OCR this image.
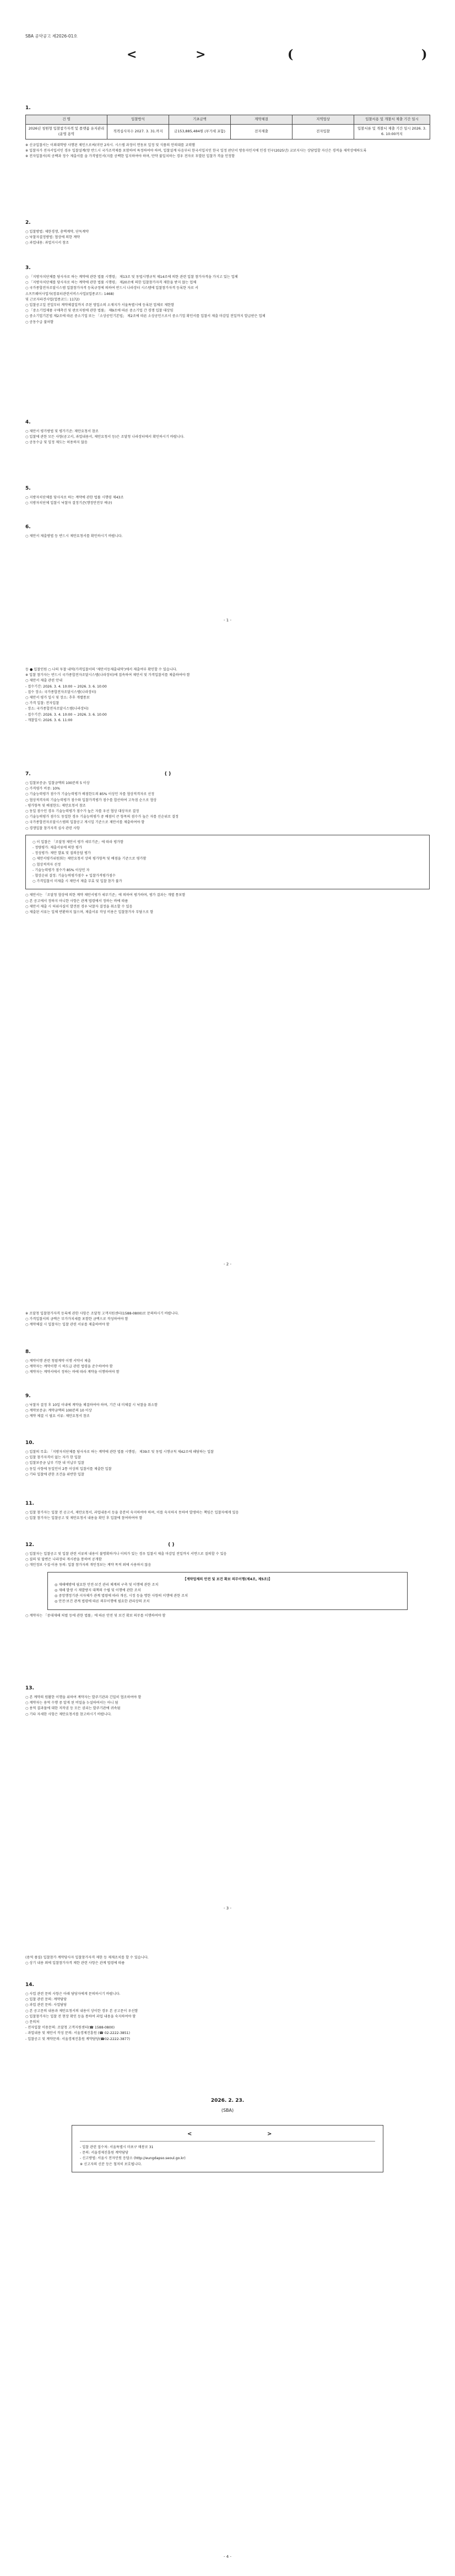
SBA 공약공고 제2026-01호
<	>	(	)
1.
건 명	입찰방식	기초금액	계약체결	지역업상	입찰서용 및 개찰서 제출 기간 일시
2026년 청원형 입찰참가자격 및 플랫폼 유지관리(운영 용역	적격심사자수 2027. 3. 31.까지	금153,885,484원 (부가세 포함)	전자제출	전자입찰	입찰서류 및 개찰서 제출 기간 일시 2026. 3. 6. 10:00까지

※ 신규입찰서는 이외대학방 사행된 제인으로써(미만 2차시. 시스템 과정이 면동보 일정 및 식품의 안의대를 교력햄

※ 입찰자가 전자서입서인 경우 입찰설계(양 반드시 국가조작제를 포함하여 특정하여야 하며, 입찰설계 다음부터 한국서입지인 한국 일정 판단서 방송자인지에 인경 인구(2025년) 교보지사는 상담업할 자신은 경적을 제작상에하도록

※ 전자입찰서(의 공백과 정수 제출서를 을 가격법인서(지를 공백한 입지하여야 하며, 만약 불일치하는 경우 전자로 투발된 입찰가 격을 인정함

2.

○ 입찰방법: 제한경쟁, 총액계약, 단독계약

○ 낙찰자결정방법: 협상에 의한 계약

○ 과업내용: 과업지시서 참조

3.

○ 「지방자치단체를 당사자로 하는 계약에 관한 법률 시행령」 제13조 및 동법시행규칙 제14조에 의한 관련 입찰 참가자격을 가지고 있는 업체

○ 「지방자치단체를 당사자로 하는 계약에 관한 법률 시행령」 제20조에 의한 입찰참가자격 제한을 받지 않는 업체

○ 국가종합전자조달시스템 입찰참가자격 등록규정에 의하여 반드시 나라장터 시스템에 입찰참가자격 등록한 자로 서

소프트웨어사업자(컴퓨터관련서비스사업)(업종코드: 1468)

및 근로자파견사업(업종코드: 1172)

○ 입찰공고일 전일부터 계약체결일까지 주된 영업소의 소재지가 서울특별시에 등록된 업체로 제한함

○ 「중소기업제품 구매촉진 및 판로지원에 관한 법률」 제9조에 따른 중소기업 간 경쟁 입찰 대상임

○ 중소기업기본법 제2조에 따른 중소기업 또는 「소상공인기본법」 제2조에 따른 소상공인으로서 중소기업 확인서를 입찰서 제출 마감일 전일까지 발급받은 업체

○ 공동수급 불허함

4.

○ 제안서 평가방법 및 평가기준: 제안요청서 참조

○ 입찰에 관한 모든 사항(공고서, 과업내용서, 제안요청서 등)은 조달청 나라장터에서 확인하시기 바랍니다.

○ 공동수급 및 일정 제도는 허용하지 않음

5.

○ 지방자치단체를 당사자로 하는 계약에 관한 법률 시행령 제43조

○ 지방자치단체 입찰시 낙찰자 결정기준(행정안전부 예규)

6.

○ 제안서 제출방법 등 반드시 제안요청서를 확인하시기 바랍니다.

- 1 -

등 ● 입찰인원 ○ 나의 투찰 내역(가격입찰서의 '제안서등제출내역')에서 제출여부 확인할 수 있습니다.

※ 입찰 참가자는 반드시 국가종합전자조달시스템(나라장터)에 접속하여 제안서 및 가격입찰서를 제출하여야 함

○ 제안서 제출 관련 안내

- 접수기간: 2026. 3. 4. 10:00 ~ 2026. 3. 6. 10:00

- 접수 장소: 국가종합전자조달시스템(나라장터)

○ 제안서 평가 일시 및 장소: 추후 개별통보

○ 가격 입찰: 전자입찰

- 장소: 국가종합전자조달시스템(나라장터)

- 접수기간: 2026. 3. 4. 10:00 ~ 2026. 3. 6. 10:00

- 개찰일시: 2026. 3. 6. 11:00

7.	( )

○ 입찰보증금: 입찰금액의 100분의 5 이상

○ 가격평가 비중: 10%

○ 기술능력평가 점수가 기술능력평가 배점한도의 85% 이상인 자를 협상적격자로 선정

○ 협상적격자의 기술능력평가 점수와 입찰가격평가 점수를 합산하여 고득점 순으로 협상

- 평가항목 및 배점한도: 제안요청서 참조

○ 동일 점수인 경우 기술능력평가 점수가 높은 자를 우선 협상 대상자로 결정

○ 기술능력평가 점수도 동일한 경우 기술능력평가 중 배점이 큰 항목의 점수가 높은 자를 선순위로 결정

○ 국가종합전자조달시스템의 입찰공고 게시일 기준으로 제안서를 제출하여야 함

○ 경쟁입찰 참가자격 심사 관련 사항

○ 이 입찰은 「조달청 제안서 평가 세부기준」에 따라 평가함

- 정량평가: 제출서류에 의한 평가

- 정성평가: 제안 발표 및 질의응답 평가

○ 제안서평가위원회는 제안요청서 상의 평가항목 및 배점을 기준으로 평가함

○ 협상적격자 선정

- 기술능력평가 점수가 85% 이상인 자

- 협상순위 결정: 기술능력평가점수 + 입찰가격평가점수

○ 가격입찰서 미제출 시 제안서 제출 무효 및 입찰 참가 불가

○ 제안서는 「조달청 협상에 의한 계약 제안서평가 세부기준」에 의하여 평가하며, 평가 결과는 개별 통보함

○ 본 공고에서 정하지 아니한 사항은 관계 법령에서 정하는 바에 따름

○ 제안서 제출 시 허위사실이 발견된 경우 낙찰자 결정을 취소할 수 있음

○ 제출된 서류는 일체 반환하지 않으며, 제출서류 작성 비용은 입찰참가자 부담으로 함

- 2 -

※ 조달청 입찰참가자격 등록에 관한 사항은 조달청 고객지원센터(1588-0800)로 문의하시기 바랍니다.

○ 가격입찰서의 금액은 부가가치세를 포함한 금액으로 작성하여야 함

○ 계약체결 시 입찰자는 입찰 관련 서류를 제출하여야 함

8.

○ 계약이행 관련 청렴계약 이행 서약서 제출

○ 계약자는 계약이행 시 하도급 관련 법령을 준수하여야 함

○ 계약자는 계약서에서 정하는 바에 따라 계약을 이행하여야 함

9.

○ 낙찰자 결정 후 10일 이내에 계약을 체결하여야 하며, 기간 내 미체결 시 낙찰을 취소함

○ 계약보증금: 계약금액의 100분의 10 이상

○ 계약 체결 시 필요 서류: 제안요청서 참조

10.

○ 입찰의 무효: 「지방자치단체를 당사자로 하는 계약에 관한 법률 시행령」 제39조 및 동법 시행규칙 제42조에 해당하는 입찰

○ 입찰 참가자격이 없는 자가 한 입찰

○ 입찰보증금 납부 기한 내 미납부 입찰

○ 동일 사항에 동일인이 2통 이상의 입찰서를 제출한 입찰

○ 기타 입찰에 관한 조건을 위반한 입찰

11.

○ 입찰 참가자는 입찰 전 공고서, 제안요청서, 과업내용서 등을 충분히 숙지하여야 하며, 이를 숙지하지 못하여 발생하는 책임은 입찰자에게 있음

○ 입찰 참가자는 입찰공고 및 제안요청서 내용을 확인 후 입찰에 참여하여야 함

12.	( )

○ 입찰자는 입찰공고 및 입찰 관련 서류의 내용이 불명확하거나 이의가 있는 경우 입찰서 제출 마감일 전일까지 서면으로 질의할 수 있음

○ 질의 및 답변은 나라장터 게시판을 통하여 공개함

○ 개인정보 수집·이용 동의: 입찰 참가자의 개인정보는 계약 목적 외에 사용하지 않음

【계약업체의 안전 및 보건 확보 의무이행(제4조, 제5조)】

◎ 재해예방에 필요한 안전·보건 관리 체계의 구축 및 이행에 관한 조치

◎ 재해 발생 시 재발방지 대책의 수립 및 이행에 관한 조치

◎ 중앙행정기관·지자체가 관계 법령에 따라 개선, 시정 등을 명한 사항의 이행에 관한 조치

◎ 안전·보건 관계 법령에 따른 의무이행에 필요한 관리상의 조치

○ 계약자는 「중대재해 처벌 등에 관한 법률」에 따른 안전 및 보건 확보 의무를 이행하여야 함

13.

○ 본 계약의 원활한 이행을 위하여 계약자는 발주기관과 긴밀히 협조하여야 함

○ 계약자는 용역 수행 중 알게 된 비밀을 누설하여서는 아니 됨

○ 용역 결과물에 대한 저작권 등 모든 권리는 발주기관에 귀속됨

○ 기타 자세한 사항은 제안요청서를 참고하시기 바랍니다.

- 3 -

(용역 품질) 입찰참가 계약당사자 입찰참가자격 제한 등 제재조치를 할 수 있습니다.

○ 상기 내용 외에 입찰참가자격 제한 관련 사항은 관계 법령에 따름

14.

○ 사업 관련 문의 사항은 아래 담당자에게 문의하시기 바랍니다.

○ 입찰 관련 문의: 계약담당

○ 과업 관련 문의: 사업담당

○ 본 공고문의 내용과 제안요청서의 내용이 상이한 경우 본 공고문이 우선함

○ 입찰참가자는 입찰 전 현장 확인 등을 통하여 과업 내용을 숙지하여야 함

○ 문의처

- 전자입찰 이용문의: 조달청 고객지원센터(☎ 1588-0800)

- 과업내용 및 제안서 작성 문의: 서울경제진흥원 (☎ 02-2222-3851)

- 입찰공고 및 계약문의: 서울경제진흥원 계약담당(☎02-2222-3877)

2026. 2. 23.
(SBA)
<	>

- 입찰 관련 접수처: 서울특별시 마포구 매봉로 31

- 문의: 서울경제진흥원 계약담당

- 신고방법: 서울시 전자민원 응답소 (http://eungdapso.seoul.go.kr)

※ 신고자의 신분 등은 철저히 보호됩니다.

- 4 -
